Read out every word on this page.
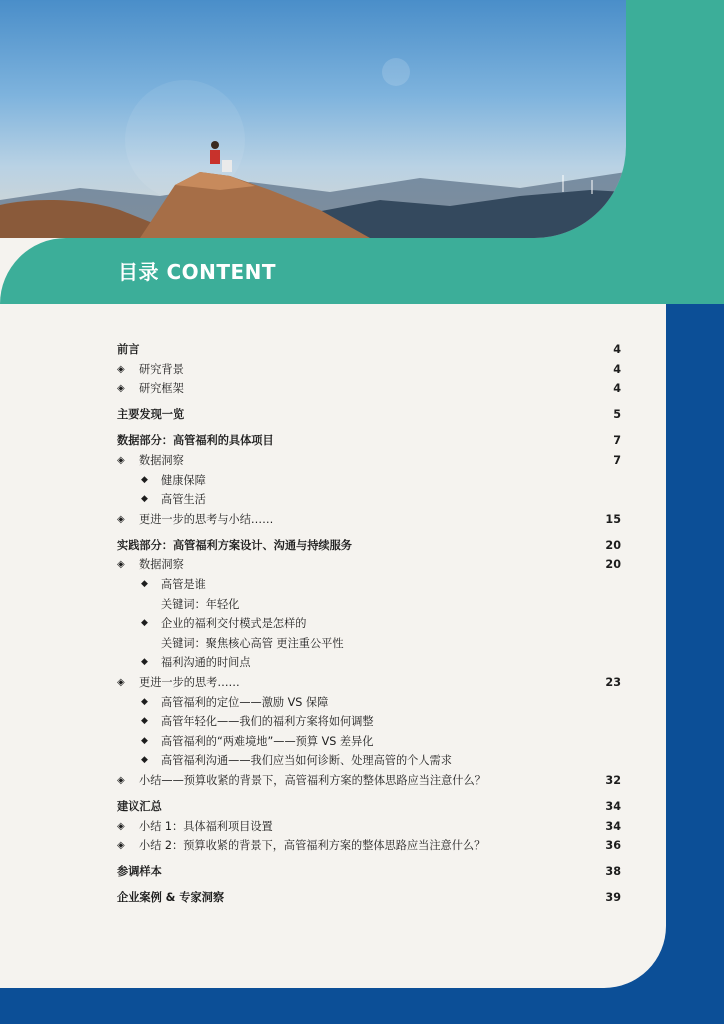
目录 CONTENT
前言	4
◈ 研究背景	4
◈ 研究框架	4
主要发现一览	5
数据部分：高管福利的具体项目	7
◈ 数据洞察	7
◆ 健康保障
◆ 高管生活
◈ 更进一步的思考与小结……	15
实践部分：高管福利方案设计、沟通与持续服务	20
◈ 数据洞察	20
◆ 高管是谁
关键词：年轻化
◆ 企业的福利交付模式是怎样的
关键词：聚焦核心高管 更注重公平性
◆ 福利沟通的时间点
◈ 更进一步的思考……	23
◆ 高管福利的定位——激励 VS 保障
◆ 高管年轻化——我们的福利方案将如何调整
◆ 高管福利的“两难境地”——预算 VS 差异化
◆ 高管福利沟通——我们应当如何诊断、处理高管的个人需求
◈ 小结——预算收紧的背景下，高管福利方案的整体思路应当注意什么？	32
建议汇总	34
◈ 小结 1：具体福利项目设置	34
◈ 小结 2：预算收紧的背景下，高管福利方案的整体思路应当注意什么？	36
参调样本	38
企业案例 & 专家洞察	39
